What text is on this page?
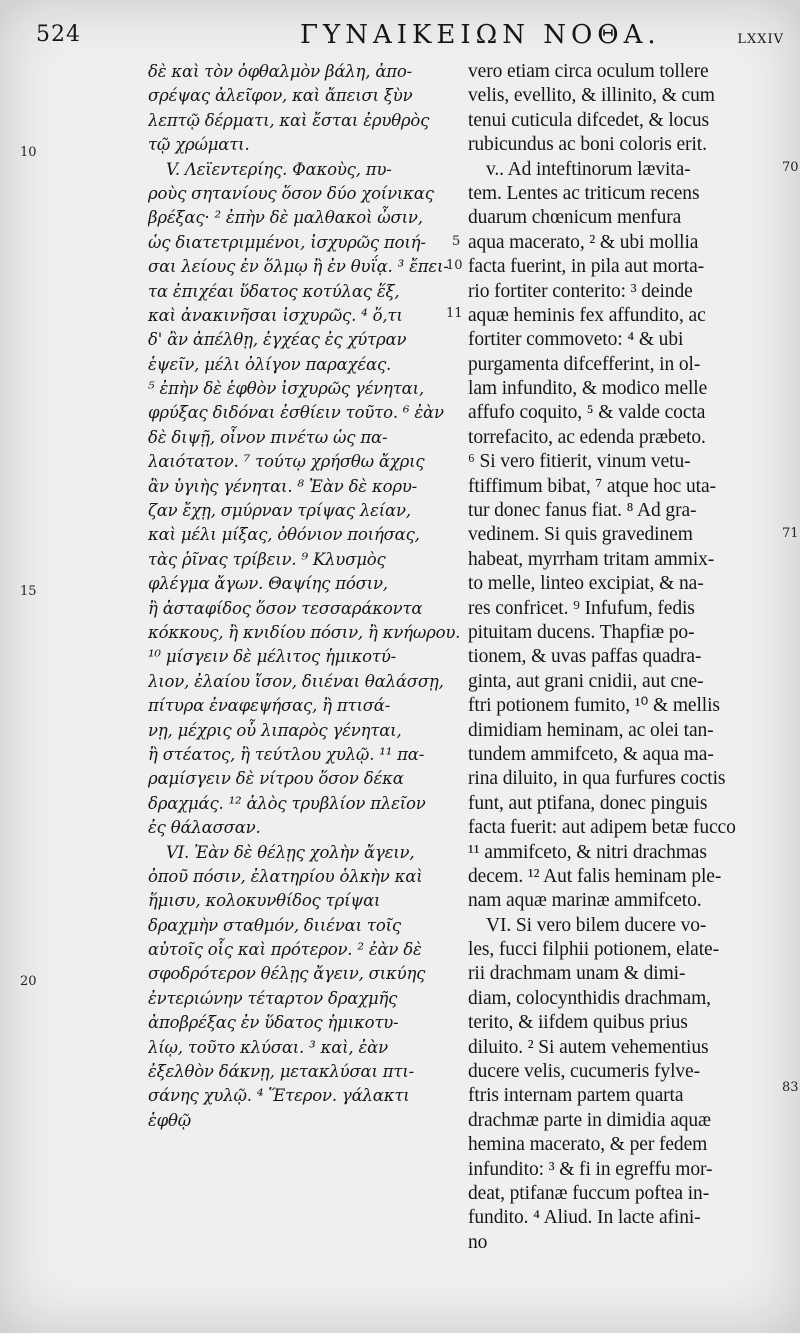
524	ΓΥΝΑΙΚΕΙΩΝ ΝΟΘΑ.	LXXIV
10
15
20
5
10
11
70
71
83
δὲ καὶ τὸν ὀφθαλμὸν βάλη, ἀπο-
σρέψας ἀλεῖφον, καὶ ἄπεισι ξὺν
λεπτῷ δέρματι, καὶ ἔσται ἐρυθρὸς
τῷ χρώματι.
V. Λεϊεντερίης. Φακοὺς, πυ-
ροὺς σητανίους ὅσον δύο χοίνικας
βρέξας· ² ἐπὴν δὲ μαλθακοὶ ὦσιν,
ὡς διατετριμμένοι, ἰσχυρῶς ποιή-
σαι λείους ἐν ὅλμῳ ἢ ἐν θυΐᾳ. ³ ἔπει-
τα ἐπιχέαι ὕδατος κοτύλας ἕξ,
καὶ ἀνακινῆσαι ἰσχυρῶς. ⁴ ὅ,τι
δ' ἂν ἀπέλθῃ, ἐγχέας ἐς χύτραν
ἑψεῖν, μέλι ὀλίγον παραχέας.
⁵ ἐπὴν δὲ ἑφθὸν ἰσχυρῶς γένηται,
φρύξας διδόναι ἐσθίειν τοῦτο. ⁶ ἐὰν
δὲ διψῇ, οἶνον πινέτω ὡς πα-
λαιότατον. ⁷ τούτῳ χρήσθω ἄχρις
ἂν ὑγιὴς γένηται. ⁸ Ἐὰν δὲ κορυ-
ζαν ἔχῃ, σμύρναν τρίψας λείαν,
καὶ μέλι μίξας, ὀθόνιον ποιήσας,
τὰς ῥῖνας τρίβειν. ⁹ Κλυσμὸς
φλέγμα ἄγων. Θαψίης πόσιν,
ἢ ἀσταφίδος ὅσον τεσσαράκοντα
κόκκους, ἢ κνιδίου πόσιν, ἢ κνήωρου.
¹⁰ μίσγειν δὲ μέλιτος ἡμικοτύ-
λιον, ἐλαίου ἴσον, διιέναι θαλάσσῃ,
πίτυρα ἐναφεψήσας, ἢ πτισά-
νῃ, μέχρις οὗ λιπαρὸς γένηται,
ἢ στέατος, ἢ τεύτλου χυλῷ. ¹¹ πα-
ραμίσγειν δὲ νίτρου ὅσον δέκα
δραχμάς. ¹² ἁλὸς τρυβλίον πλεῖον
ἐς θάλασσαν.
VI. Ἐὰν δὲ θέλῃς χολὴν ἄγειν,
ὀποῦ πόσιν, ἐλατηρίου ὁλκὴν καὶ
ἥμισυ, κολοκυνθίδος τρίψαι
δραχμὴν σταθμόν, διιέναι τοῖς
αὐτοῖς οἷς καὶ πρότερον. ² ἐὰν δὲ
σφοδρότερον θέλῃς ἄγειν, σικύης
ἐντεριώνην τέταρτον δραχμῆς
ἀποβρέξας ἐν ὕδατος ἡμικοτυ-
λίῳ, τοῦτο κλύσαι. ³ καὶ, ἐὰν
ἐξελθὸν δάκνῃ, μετακλύσαι πτι-
σάνης χυλῷ. ⁴ Ἕτερον. γάλακτι
ἑφθῷ
vero etiam circa oculum tollere
velis, evellito, & illinito, & cum
tenui cuticula difcedet, & locus
rubicundus ac boni coloris erit.
v.. Ad inteftinorum lævita-
tem. Lentes ac triticum recens
duarum chœnicum menfura
aqua macerato, ² & ubi mollia
facta fuerint, in pila aut morta-
rio fortiter conterito: ³ deinde
aquæ heminis fex affundito, ac
fortiter commoveto: ⁴ & ubi
purgamenta difcefferint, in ol-
lam infundito, & modico melle
affufo coquito, ⁵ & valde cocta
torrefacito, ac edenda præbeto.
⁶ Si vero fitierit, vinum vetu-
ftiffimum bibat, ⁷ atque hoc uta-
tur donec fanus fiat. ⁸ Ad gra-
vedinem. Si quis gravedinem
habeat, myrrham tritam ammix-
to melle, linteo excipiat, & na-
res confricet. ⁹ Infufum, fedis
pituitam ducens. Thapfiæ po-
tionem, & uvas paffas quadra-
ginta, aut grani cnidii, aut cne-
ftri potionem fumito, ¹⁰ & mellis
dimidiam heminam, ac olei tan-
tundem ammifceto, & aqua ma-
rina diluito, in qua furfures coctis
funt, aut ptifana, donec pinguis
facta fuerit: aut adipem betæ fucco
¹¹ ammifceto, & nitri drachmas
decem. ¹² Aut falis heminam ple-
nam aquæ marinæ ammifceto.
VI. Si vero bilem ducere vo-
les, fucci filphii potionem, elate-
rii drachmam unam & dimi-
diam, colocynthidis drachmam,
terito, & iifdem quibus prius
diluito. ² Si autem vehementius
ducere velis, cucumeris fylve-
ftris internam partem quarta
drachmæ parte in dimidia aquæ
hemina macerato, & per fedem
infundito: ³ & fi in egreffu mor-
deat, ptifanæ fuccum poftea in-
fundito. ⁴ Aliud. In lacte afini-
no
